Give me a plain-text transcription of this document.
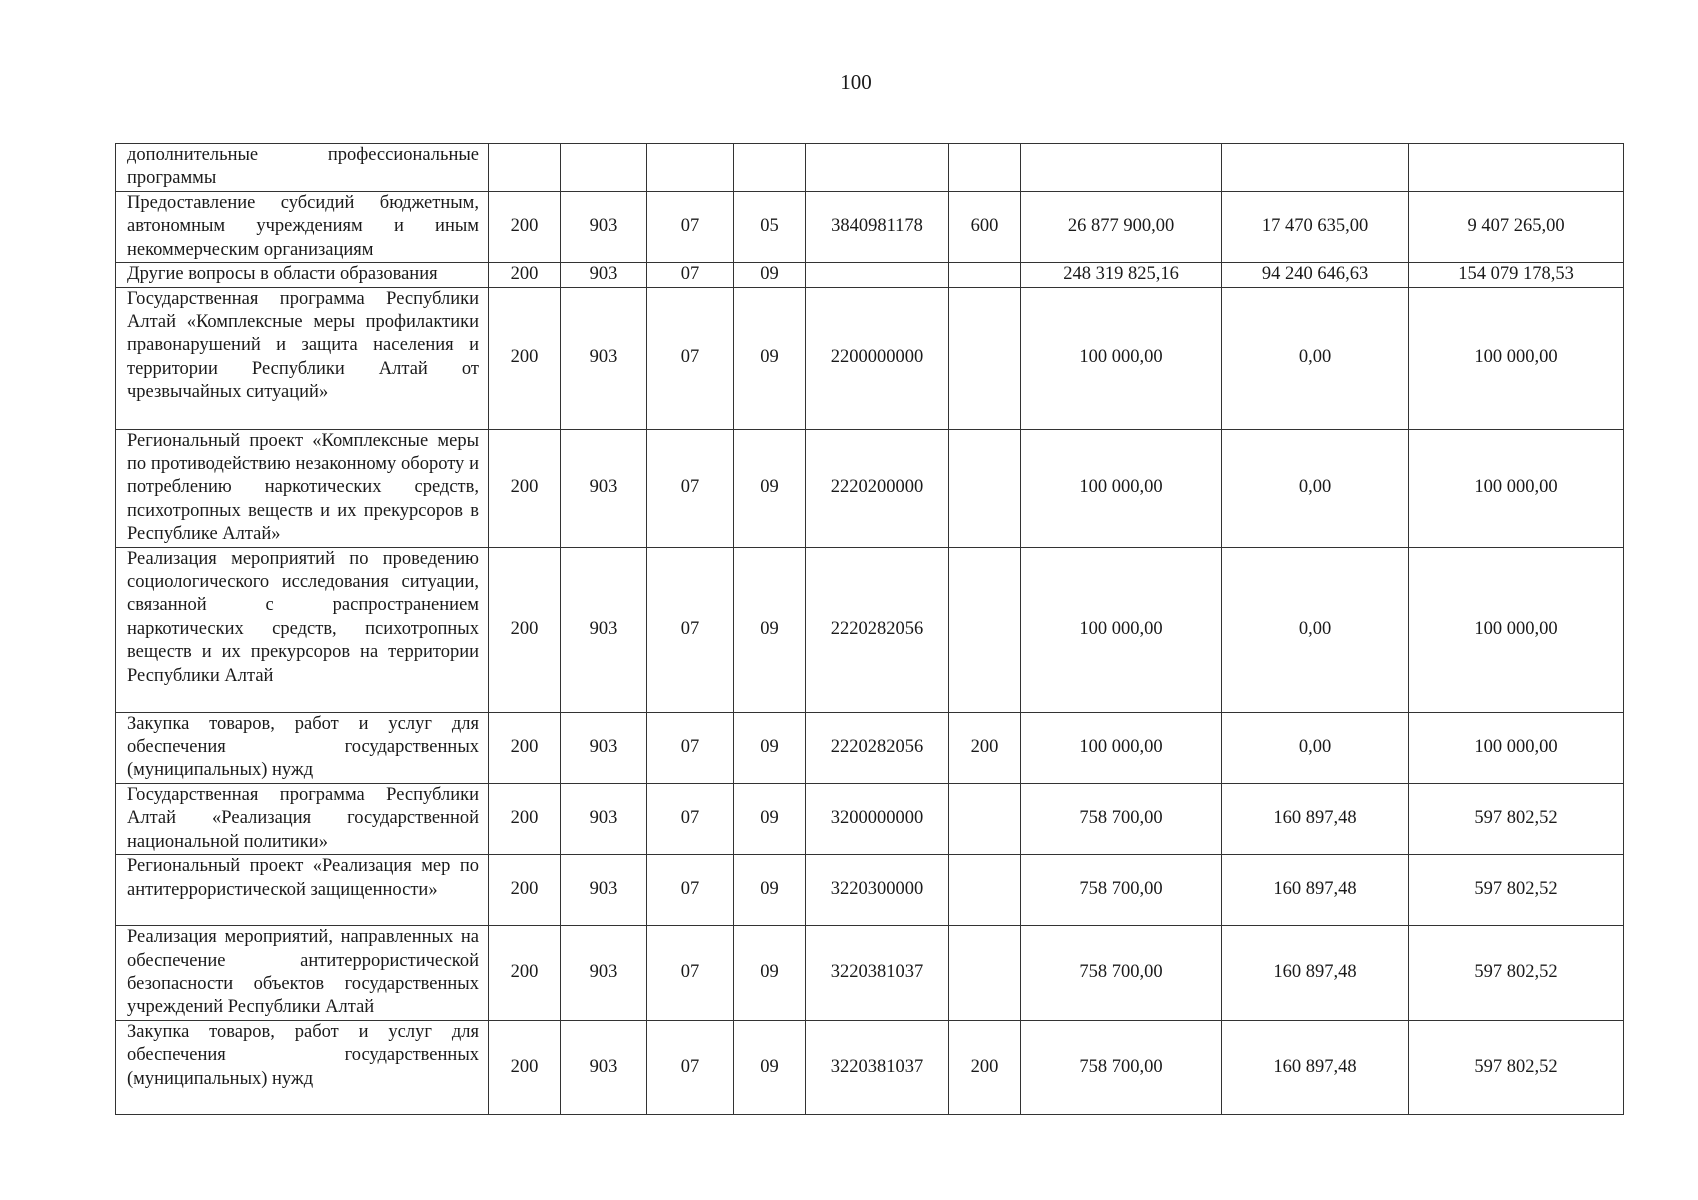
100
дополнительные профессиональные программы									
Предоставление субсидий бюджетным, автономным учреждениям и иным некоммерческим организациям	200	903	07	05	3840981178	600	26 877 900,00	17 470 635,00	9 407 265,00
Другие вопросы в области образования	200	903	07	09			248 319 825,16	94 240 646,63	154 079 178,53
Государственная программа Республики Алтай «Комплексные меры профилактики правонарушений и защита населения и территории Республики Алтай от чрезвычайных ситуаций»	200	903	07	09	2200000000		100 000,00	0,00	100 000,00
Региональный проект «Комплексные меры по противодействию незаконному обороту и потреблению наркотических средств, психотропных веществ и их прекурсоров в Республике Алтай»	200	903	07	09	2220200000		100 000,00	0,00	100 000,00
Реализация мероприятий по проведению социологического исследования ситуации, связанной с распространением наркотических средств, психотропных веществ и их прекурсоров на территории Республики Алтай	200	903	07	09	2220282056		100 000,00	0,00	100 000,00
Закупка товаров, работ и услуг для обеспечения государственных (муниципальных) нужд	200	903	07	09	2220282056	200	100 000,00	0,00	100 000,00
Государственная программа Республики Алтай «Реализация государственной национальной политики»	200	903	07	09	3200000000		758 700,00	160 897,48	597 802,52
Региональный проект «Реализация мер по антитеррористической защищенности»	200	903	07	09	3220300000		758 700,00	160 897,48	597 802,52
Реализация мероприятий, направленных на обеспечение антитеррористической безопасности объектов государственных учреждений Республики Алтай	200	903	07	09	3220381037		758 700,00	160 897,48	597 802,52
Закупка товаров, работ и услуг для обеспечения государственных (муниципальных) нужд	200	903	07	09	3220381037	200	758 700,00	160 897,48	597 802,52
